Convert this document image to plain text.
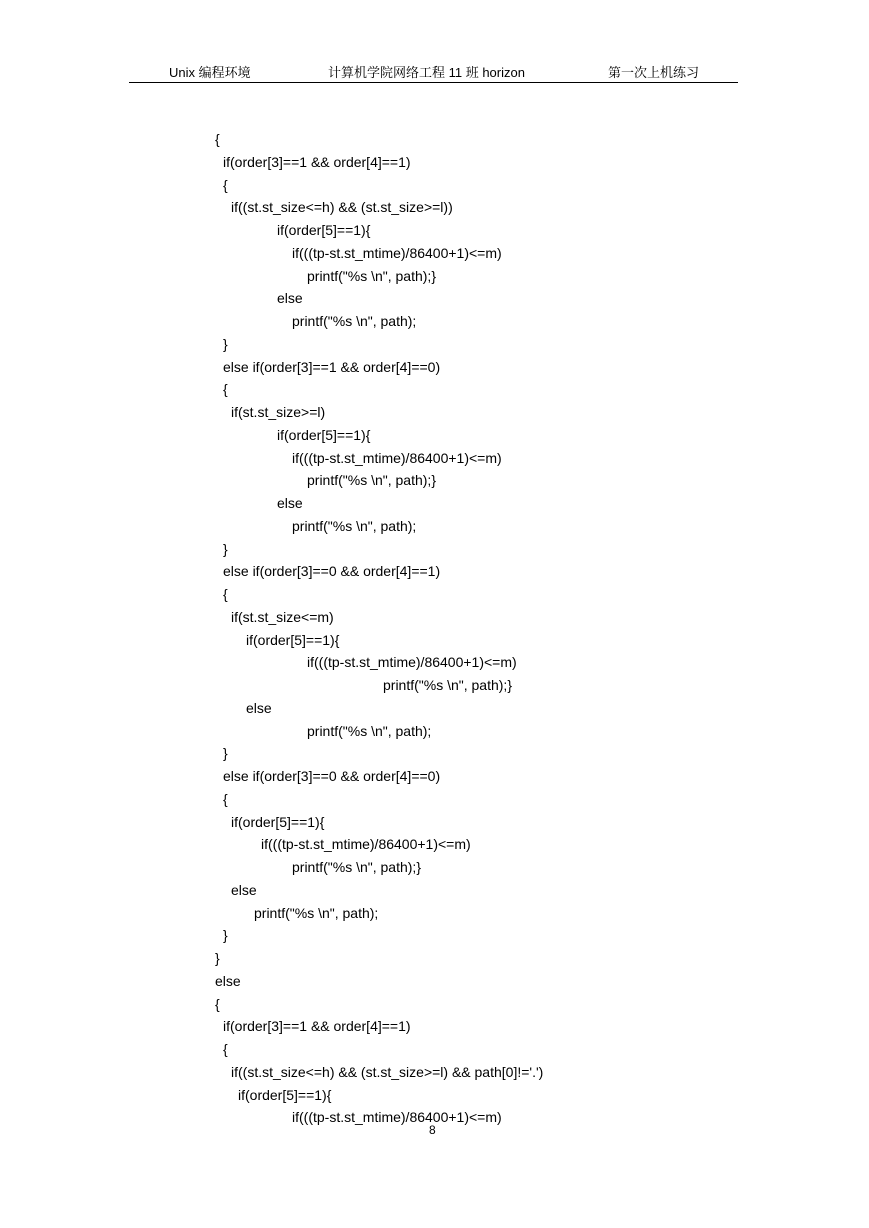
Unix 编程环境	计算机学院网络工程 11 班 horizon	第一次上机练习
{
if(order[3]==1 && order[4]==1)
{
if((st.st_size<=h) && (st.st_size>=l))
if(order[5]==1){
if(((tp-st.st_mtime)/86400+1)<=m)
printf("%s \n", path);}
else
printf("%s \n", path);
}
else if(order[3]==1 && order[4]==0)
{
if(st.st_size>=l)
if(order[5]==1){
if(((tp-st.st_mtime)/86400+1)<=m)
printf("%s \n", path);}
else
printf("%s \n", path);
}
else if(order[3]==0 && order[4]==1)
{
if(st.st_size<=m)
if(order[5]==1){
if(((tp-st.st_mtime)/86400+1)<=m)
printf("%s \n", path);}
else
printf("%s \n", path);
}
else if(order[3]==0 && order[4]==0)
{
if(order[5]==1){
if(((tp-st.st_mtime)/86400+1)<=m)
printf("%s \n", path);}
else
printf("%s \n", path);
}
}
else
{
if(order[3]==1 && order[4]==1)
{
if((st.st_size<=h) && (st.st_size>=l) && path[0]!='.')
if(order[5]==1){
if(((tp-st.st_mtime)/86400+1)<=m)
8
